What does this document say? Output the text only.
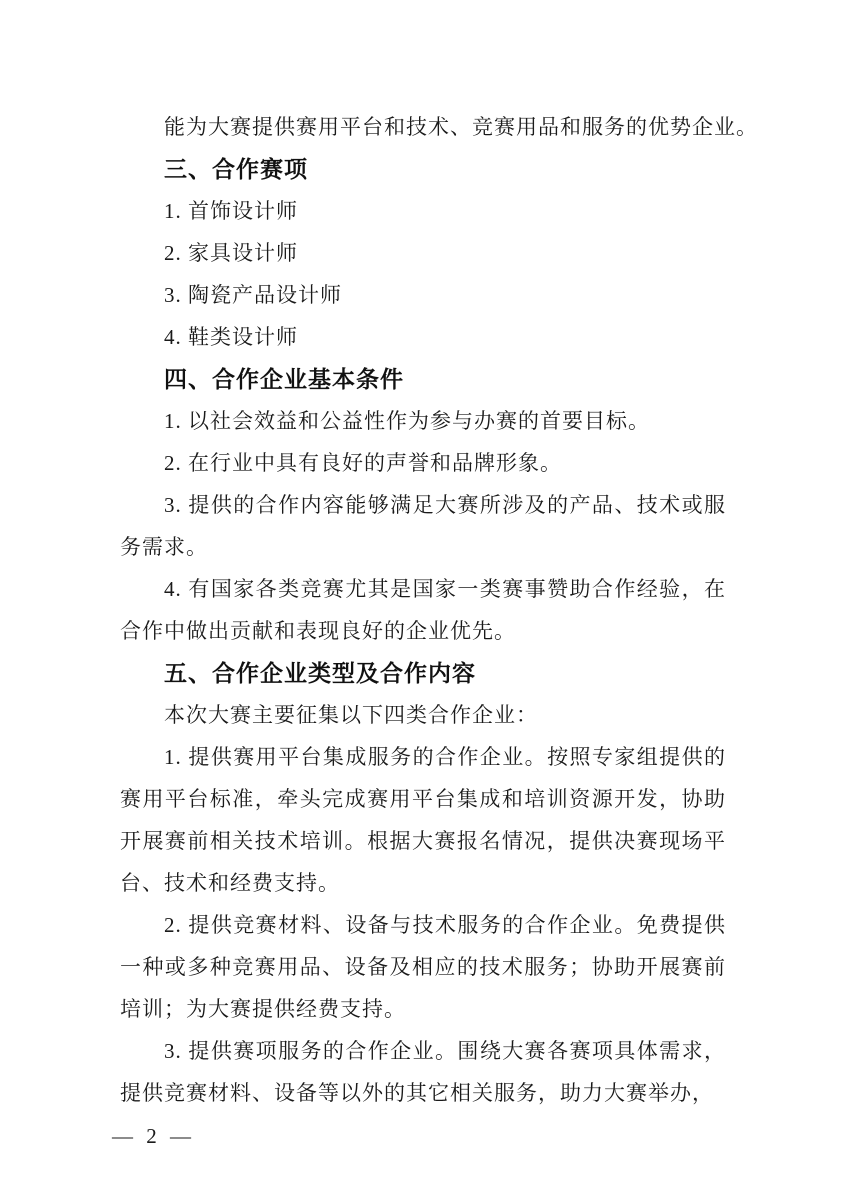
能为大赛提供赛用平台和技术、竞赛用品和服务的优势企业。

三、合作赛项

1. 首饰设计师

2. 家具设计师

3. 陶瓷产品设计师

4. 鞋类设计师

四、合作企业基本条件

1. 以社会效益和公益性作为参与办赛的首要目标。

2. 在行业中具有良好的声誉和品牌形象。

3. 提供的合作内容能够满足大赛所涉及的产品、技术或服务需求。

4. 有国家各类竞赛尤其是国家一类赛事赞助合作经验，在合作中做出贡献和表现良好的企业优先。

五、合作企业类型及合作内容

本次大赛主要征集以下四类合作企业：

1. 提供赛用平台集成服务的合作企业。按照专家组提供的赛用平台标准，牵头完成赛用平台集成和培训资源开发，协助开展赛前相关技术培训。根据大赛报名情况，提供决赛现场平台、技术和经费支持。

2. 提供竞赛材料、设备与技术服务的合作企业。免费提供一种或多种竞赛用品、设备及相应的技术服务；协助开展赛前培训；为大赛提供经费支持。

3. 提供赛项服务的合作企业。围绕大赛各赛项具体需求，提供竞赛材料、设备等以外的其它相关服务，助力大赛举办，

— 2 —
